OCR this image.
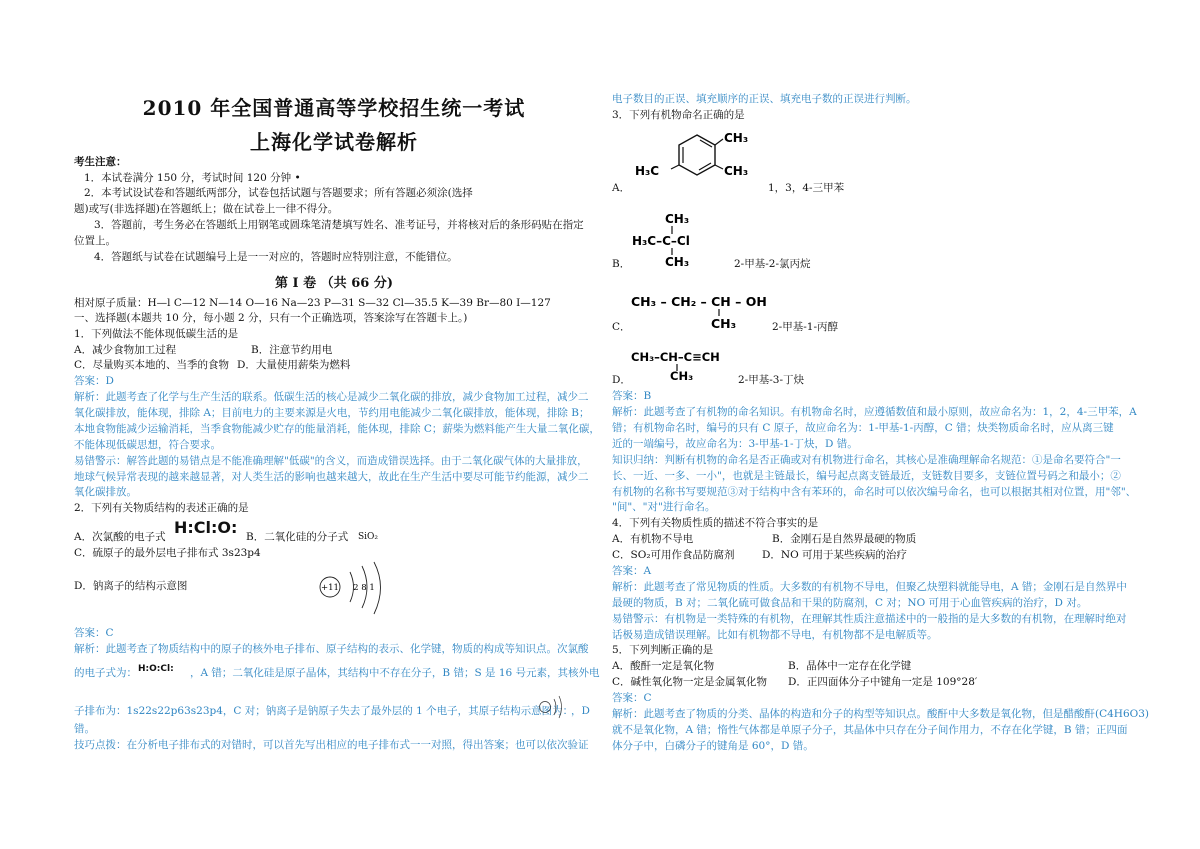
2010 年全国普通高等学校招生统一考试
上海化学试卷解析
考生注意：
1．本试卷满分 150 分，考试时间 120 分钟 •
2．本考试设试卷和答题纸两部分，试卷包括试题与答题要求；所有答题必须涂(选择
题)或写(非选择题)在答题纸上；做在试卷上一律不得分。
3．答题前，考生务必在答题纸上用钢笔或圆珠笔清楚填写姓名、准考证号，并将核对后的条形码贴在指定
位置上。
4．答题纸与试卷在试题编号上是一一对应的，答题时应特别注意，不能错位。
第 I 卷 （共 66 分)
相对原子质量：H—l C—12 N—14 O—16 Na—23 P—31 S—32 Cl—35.5 K—39 Br—80 I—127
一、选择题(本题共 10 分，每小题 2 分，只有一个正确选项，答案涂写在答题卡上。)
1．下列做法不能体现低碳生活的是
A．减少食物加工过程	B．注意节约用电
C．尽量购买本地的、当季的食物 D．大量使用薪柴为燃料
答案：D
解析：此题考查了化学与生产生活的联系。低碳生活的核心是减少二氧化碳的排放，减少食物加工过程，减少二
氧化碳排放，能体现，排除 A；目前电力的主要来源是火电，节约用电能减少二氧化碳排放，能体现，排除 B；
本地食物能减少运输消耗，当季食物能减少贮存的能量消耗，能体现，排除 C；薪柴为燃料能产生大量二氧化碳，
不能体现低碳思想，符合要求。
易错警示：解答此题的易错点是不能准确理解"低碳"的含义，而造成错误选择。由于二氧化碳气体的大量排放，
地球气候异常表现的越来越显著，对人类生活的影响也越来越大，故此在生产生活中要尽可能节约能源，减少二
氧化碳排放。
2．下列有关物质结构的表述正确的是
A．次氯酸的电子式 H:Cl:O: B．二氧化硅的分子式 SiO₂
C．硫原子的最外层电子排布式 3s23p4
D．钠离子的结构示意图	+11 2 8 1
答案：C
解析：此题考查了物质结构中的原子的核外电子排布、原子结构的表示、化学键，物质的构成等知识点。次氯酸
的电子式为： H:O:Cl: ，A 错；二氧化硅是原子晶体，其结构中不存在分子，B 错；S 是 16 号元素，其核外电
子排布为：1s22s22p63s23p4，C 对；钠离子是钠原子失去了最外层的 1 个电子，其原子结构示意图为：
，D
错。
技巧点拨：在分析电子排布式的对错时，可以首先写出相应的电子排布式一一对照，得出答案；也可以依次验证
电子数目的正误、填充顺序的正误、填充电子数的正误进行判断。
3．下列有机物命名正确的是
CH₃
CH₃
H₃C
A．	1，3，4-三甲苯
CH₃
H₃C–C–Cl
CH₃
B．	2-甲基-2-氯丙烷
CH₃ – CH₂ – CH – OH
CH₃
C．	2-甲基-1-丙醇
CH₃–CH–C≡CH
CH₃
D．	2-甲基-3-丁炔
答案：B
解析：此题考查了有机物的命名知识。有机物命名时，应遵循数值和最小原则，故应命名为：1，2，4-三甲苯，A
错；有机物命名时，编号的只有 C 原子，故应命名为：1-甲基-1-丙醇，C 错；炔类物质命名时，应从离三键
近的一端编号，故应命名为：3-甲基-1-丁炔，D 错。
知识归纳：判断有机物的命名是否正确或对有机物进行命名，其核心是准确理解命名规范：①是命名要符合"一
长、一近、一多、一小"，也就是主链最长，编号起点离支链最近，支链数目要多，支链位置号码之和最小；②
有机物的名称书写要规范③对于结构中含有苯环的，命名时可以依次编号命名，也可以根据其相对位置，用"邻"、
"间"、"对"进行命名。
4．下列有关物质性质的描述不符合事实的是
A．有机物不导电	B．金刚石是自然界最硬的物质
C．SO₂可用作食品防腐剂	D．NO 可用于某些疾病的治疗
答案：A
解析：此题考查了常见物质的性质。大多数的有机物不导电，但聚乙炔塑料就能导电，A 错；金刚石是自然界中
最硬的物质，B 对；二氧化硫可做食品和干果的防腐剂，C 对；NO 可用于心血管疾病的治疗，D 对。
易错警示：有机物是一类特殊的有机物，在理解其性质注意描述中的一般指的是大多数的有机物，在理解时绝对
话极易造成错误理解。比如有机物都不导电，有机物都不是电解质等。
5．下列判断正确的是
A．酸酐一定是氧化物	B．晶体中一定存在化学键
C．碱性氧化物一定是金属氧化物 D．正四面体分子中键角一定是 109°28′
答案：C
解析：此题考查了物质的分类、晶体的构造和分子的构型等知识点。酸酐中大多数是氧化物，但是醋酸酐(C4H6O3)
就不是氧化物，A 错；惰性气体都是单原子分子，其晶体中只存在分子间作用力，不存在化学键，B 错；正四面
体分子中，白磷分子的键角是 60°，D 错。
